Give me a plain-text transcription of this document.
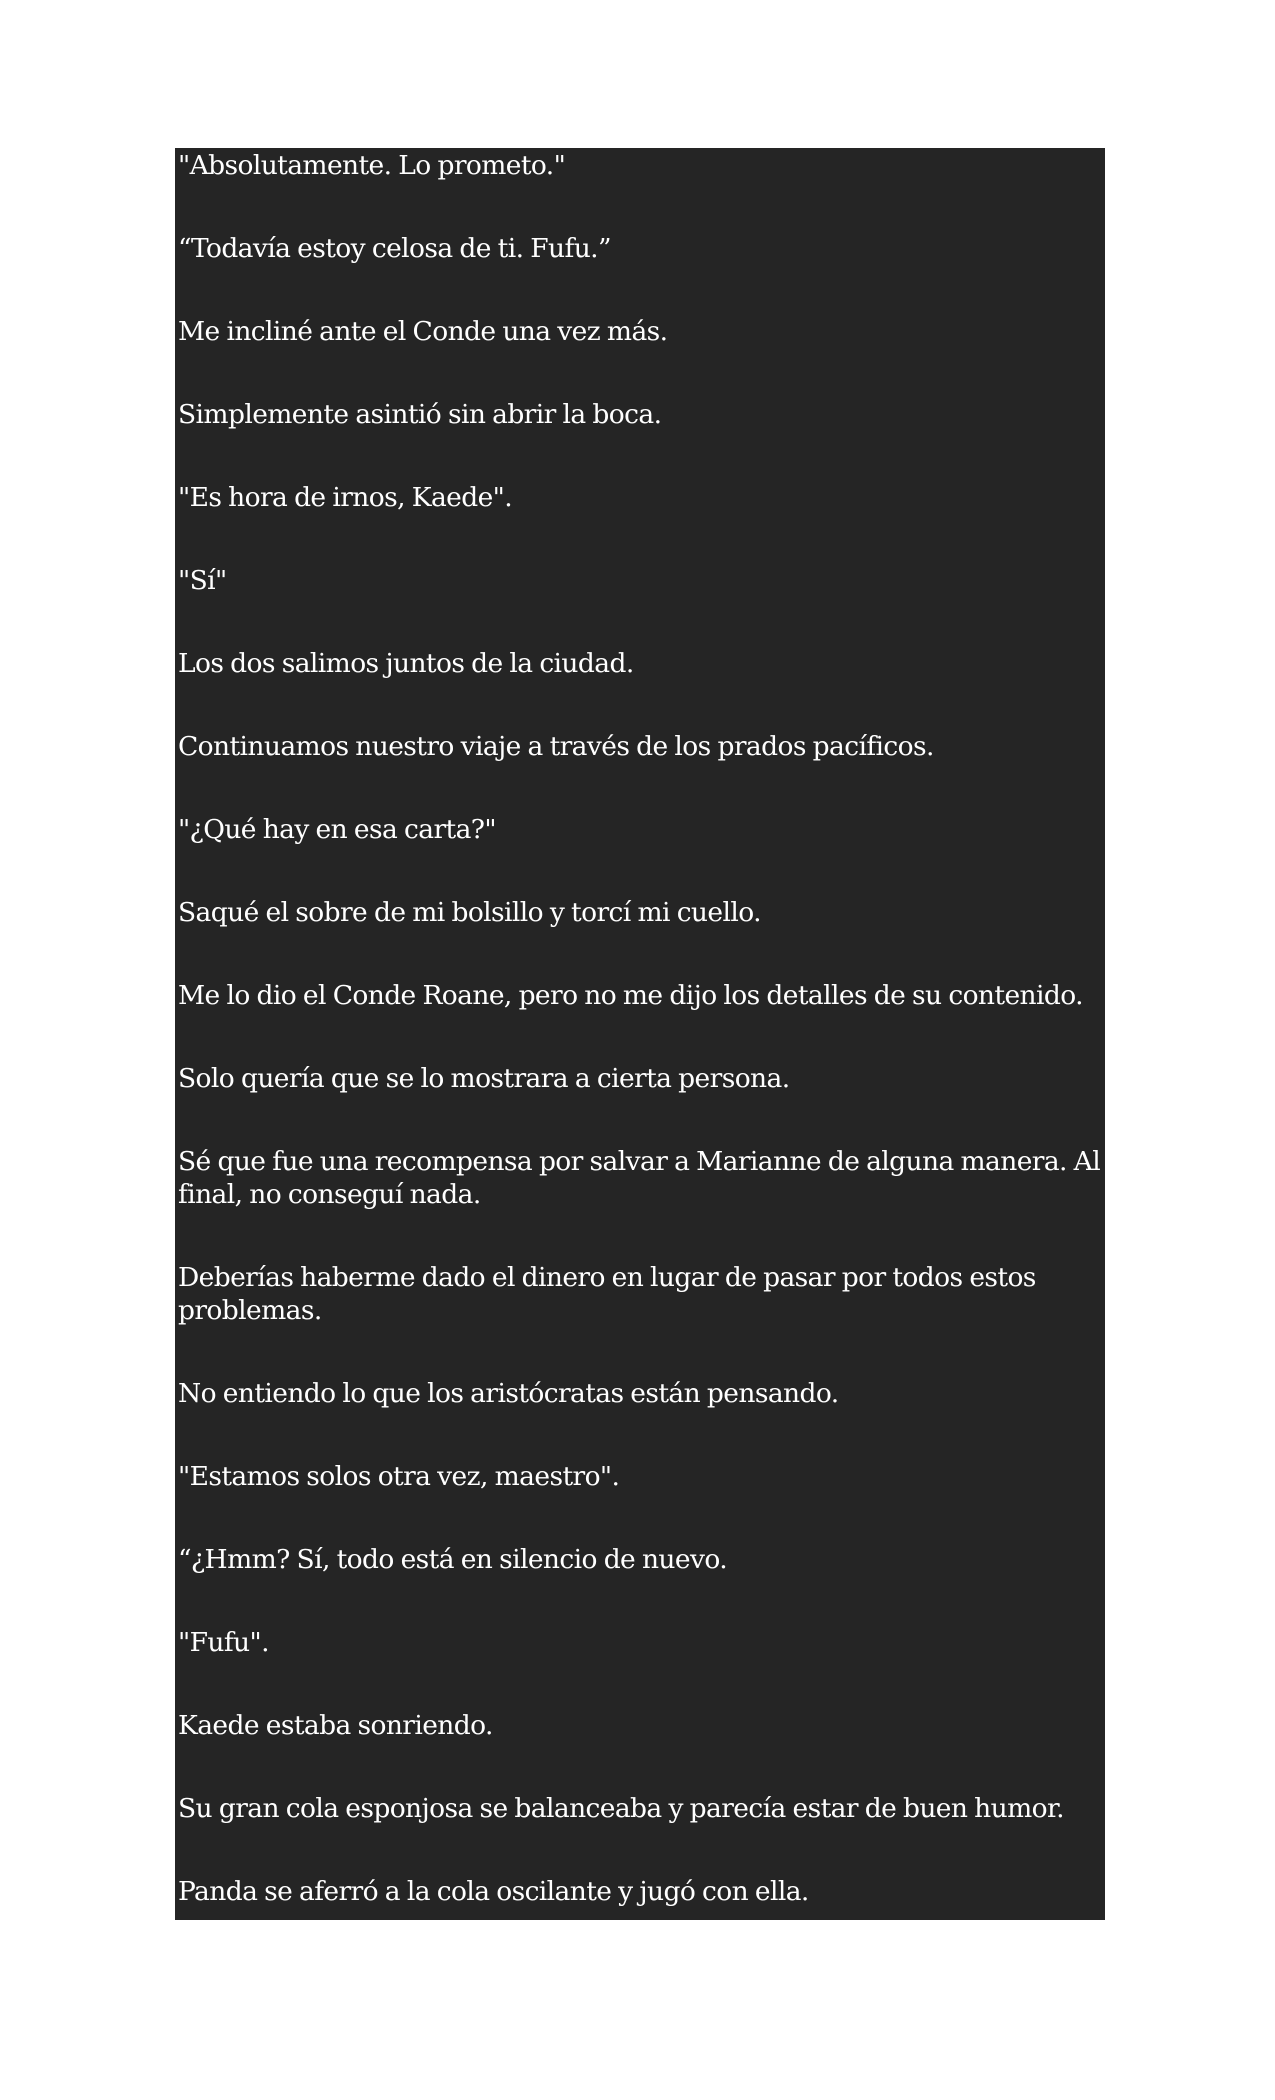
"Absolutamente. Lo prometo."

“Todavía estoy celosa de ti. Fufu.”

Me incliné ante el Conde una vez más.

Simplemente asintió sin abrir la boca.

"Es hora de irnos, Kaede".

"Sí"

Los dos salimos juntos de la ciudad.

Continuamos nuestro viaje a través de los prados pacíficos.

"¿Qué hay en esa carta?"

Saqué el sobre de mi bolsillo y torcí mi cuello.

Me lo dio el Conde Roane, pero no me dijo los detalles de su contenido.

Solo quería que se lo mostrara a cierta persona.

Sé que fue una recompensa por salvar a Marianne de alguna manera. Al final, no conseguí nada.

Deberías haberme dado el dinero en lugar de pasar por todos estos problemas.

No entiendo lo que los aristócratas están pensando.

"Estamos solos otra vez, maestro".

“¿Hmm? Sí, todo está en silencio de nuevo.

"Fufu".

Kaede estaba sonriendo.

Su gran cola esponjosa se balanceaba y parecía estar de buen humor.

Panda se aferró a la cola oscilante y jugó con ella.
